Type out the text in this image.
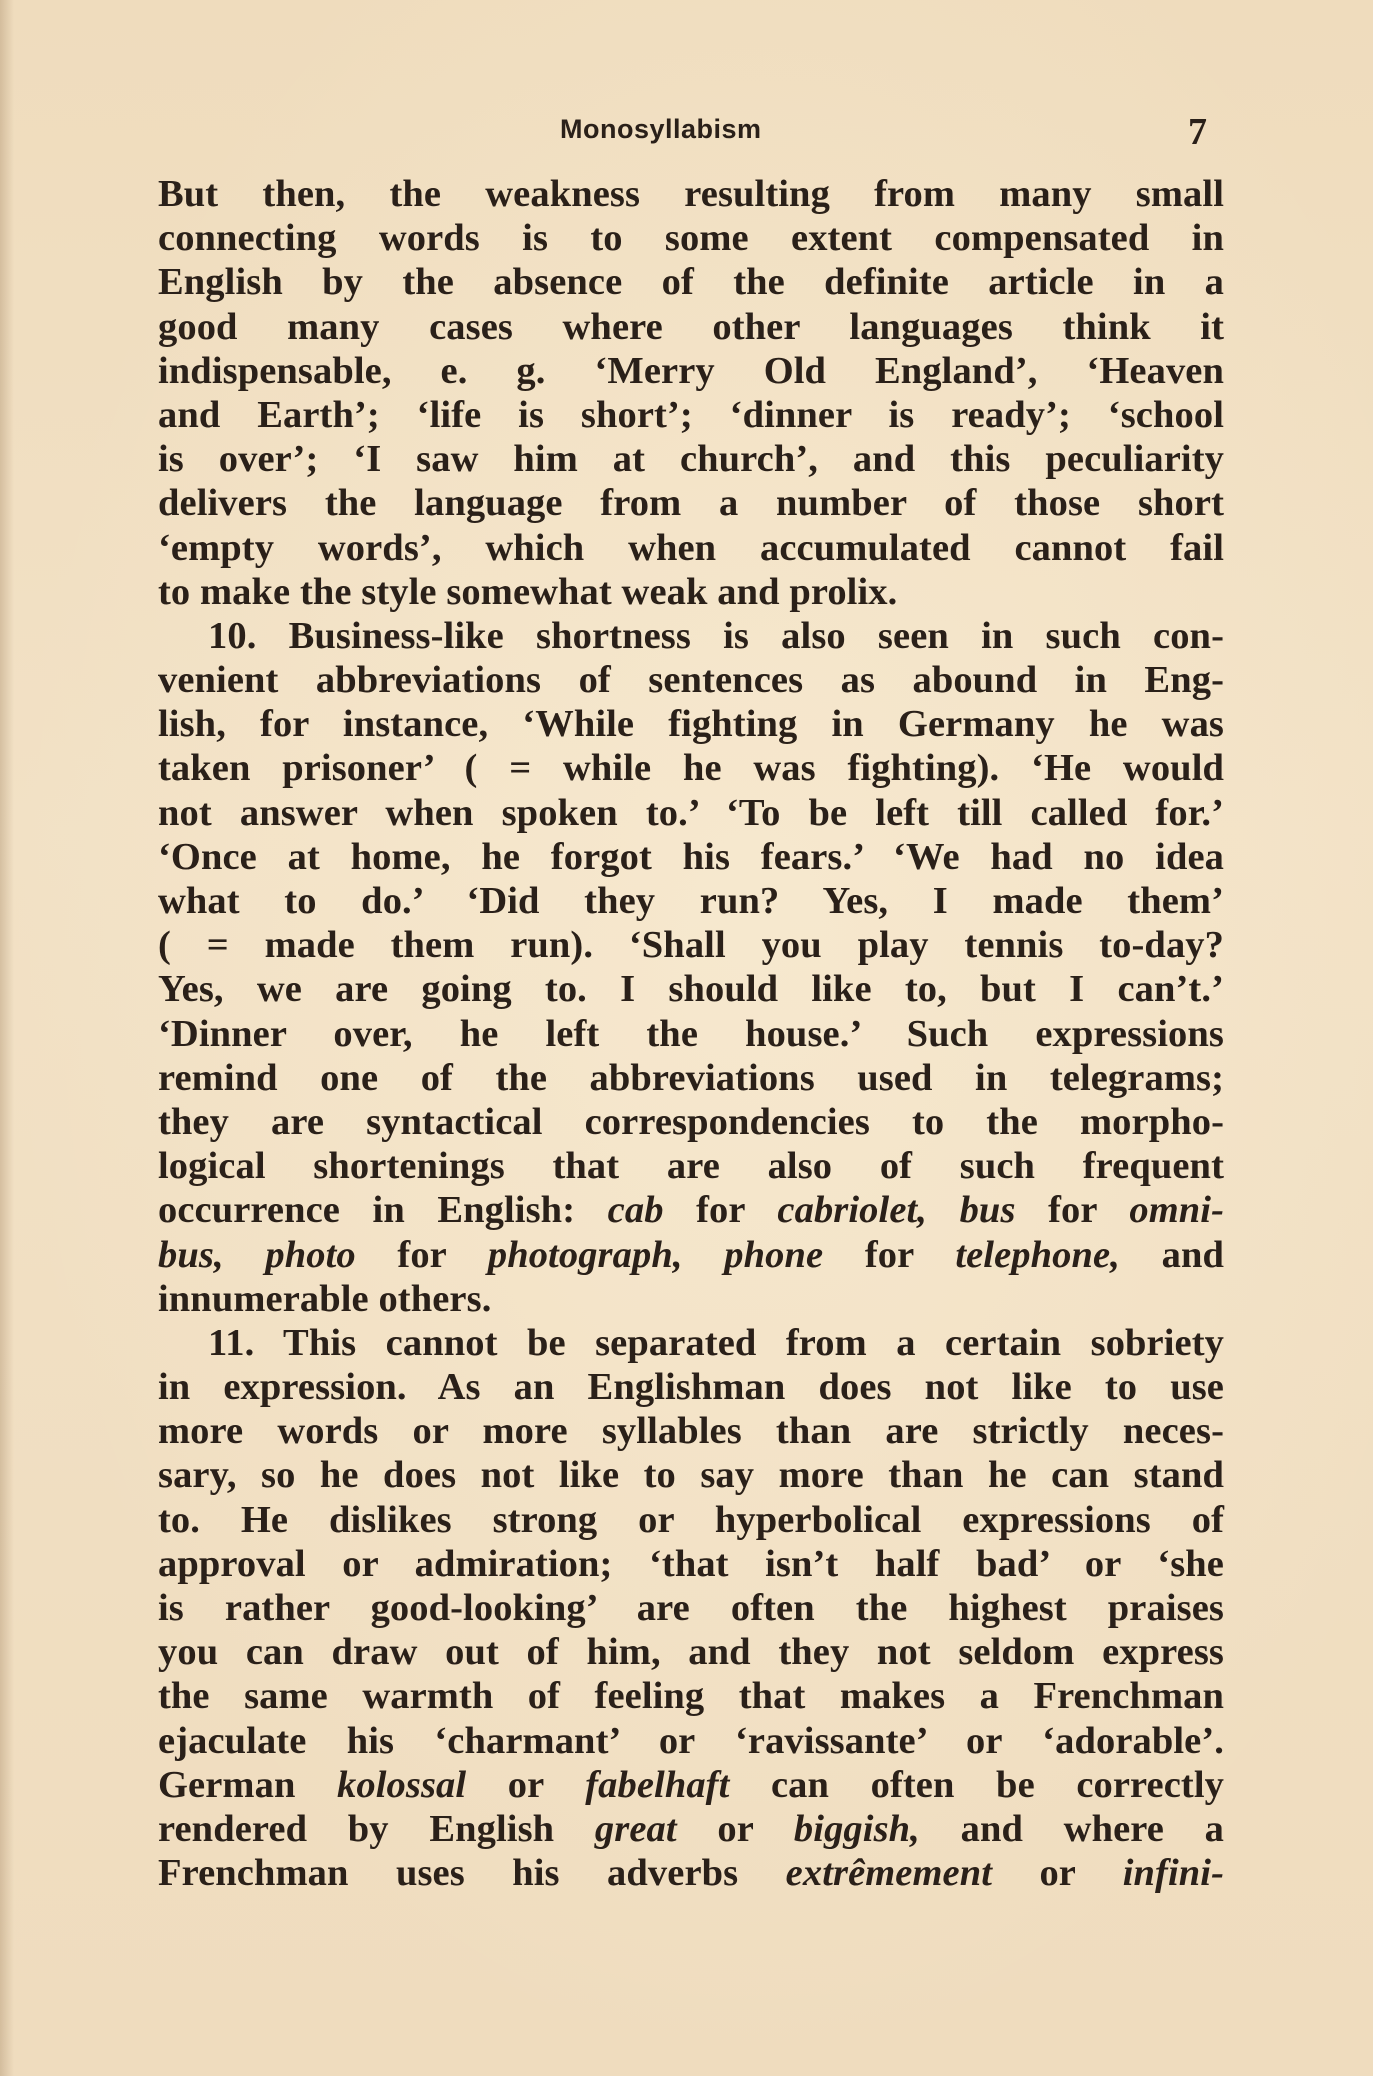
Monosyllabism	7
But then, the weakness resulting from many small
connecting words is to some extent compensated in
English by the absence of the definite article in a
good many cases where other languages think it
indispensable, e. g. ‘Merry Old England’, ‘Heaven
and Earth’; ‘life is short’; ‘dinner is ready’; ‘school
is over’; ‘I saw him at church’, and this peculiarity
delivers the language from a number of those short
‘empty words’, which when accumulated cannot fail
to make the style somewhat weak and prolix.
10. Business-like shortness is also seen in such con-
venient abbreviations of sentences as abound in Eng-
lish, for instance, ‘While fighting in Germany he was
taken prisoner’ ( = while he was fighting). ‘He would
not answer when spoken to.’ ‘To be left till called for.’
‘Once at home, he forgot his fears.’ ‘We had no idea
what to do.’ ‘Did they run? Yes, I made them’
( = made them run). ‘Shall you play tennis to-day?
Yes, we are going to. I should like to, but I can’t.’
‘Dinner over, he left the house.’ Such expressions
remind one of the abbreviations used in telegrams;
they are syntactical correspondencies to the morpho-
logical shortenings that are also of such frequent
occurrence in English: cab for cabriolet, bus for omni-
bus, photo for photograph, phone for telephone, and
innumerable others.
11. This cannot be separated from a certain sobriety
in expression. As an Englishman does not like to use
more words or more syllables than are strictly neces-
sary, so he does not like to say more than he can stand
to. He dislikes strong or hyperbolical expressions of
approval or admiration; ‘that isn’t half bad’ or ‘she
is rather good-looking’ are often the highest praises
you can draw out of him, and they not seldom express
the same warmth of feeling that makes a Frenchman
ejaculate his ‘charmant’ or ‘ravissante’ or ‘adorable’.
German kolossal or fabelhaft can often be correctly
rendered by English great or biggish, and where a
Frenchman uses his adverbs extrêmement or infini-
